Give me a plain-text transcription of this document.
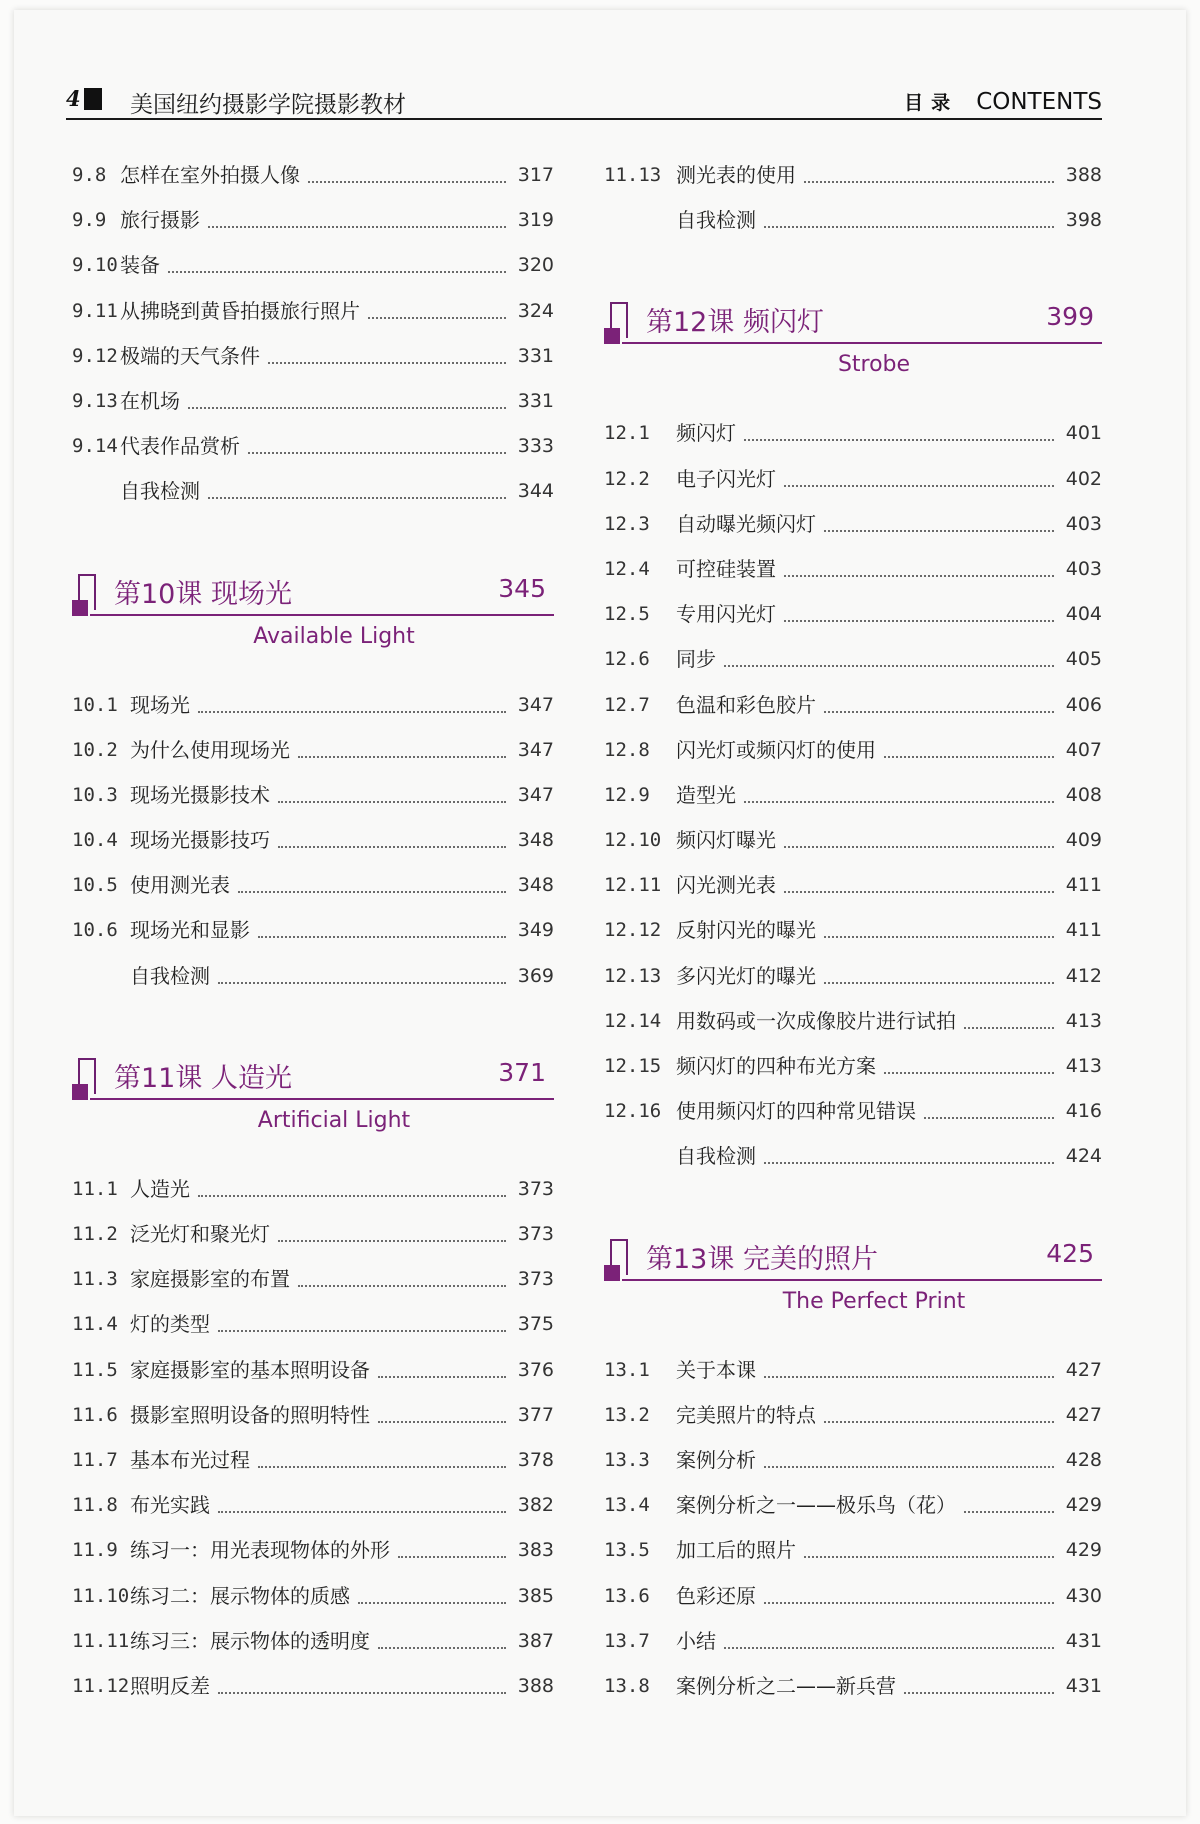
4 美国纽约摄影学院摄影教材	目录 CONTENTS
9.8 怎样在室外拍摄人像	317
9.9 旅行摄影	319
9.10 装备	320
9.11 从拂晓到黄昏拍摄旅行照片	324
9.12 极端的天气条件	331
9.13 在机场	331
9.14 代表作品赏析	333
自我检测	344
第10课 现场光	345
Available Light
10.1 现场光	347
10.2 为什么使用现场光	347
10.3 现场光摄影技术	347
10.4 现场光摄影技巧	348
10.5 使用测光表	348
10.6 现场光和显影	349
自我检测	369
第11课 人造光	371
Artificial Light
11.1 人造光	373
11.2 泛光灯和聚光灯	373
11.3 家庭摄影室的布置	373
11.4 灯的类型	375
11.5 家庭摄影室的基本照明设备	376
11.6 摄影室照明设备的照明特性	377
11.7 基本布光过程	378
11.8 布光实践	382
11.9 练习一：用光表现物体的外形	383
11.10 练习二：展示物体的质感	385
11.11 练习三：展示物体的透明度	387
11.12 照明反差	388
11.13 测光表的使用	388
自我检测	398
第12课 频闪灯	399
Strobe
12.1	频闪灯	401
12.2	电子闪光灯	402
12.3	自动曝光频闪灯	403
12.4	可控硅装置	403
12.5	专用闪光灯	404
12.6	同步	405
12.7	色温和彩色胶片	406
12.8	闪光灯或频闪灯的使用	407
12.9	造型光	408
12.10 频闪灯曝光	409
12.11 闪光测光表	411
12.12 反射闪光的曝光	411
12.13 多闪光灯的曝光	412
12.14 用数码或一次成像胶片进行试拍	413
12.15 频闪灯的四种布光方案	413
12.16 使用频闪灯的四种常见错误	416
自我检测	424
第13课 完美的照片	425
The Perfect Print
13.1	关于本课	427
13.2	完美照片的特点	427
13.3	案例分析	428
13.4	案例分析之一——极乐鸟（花）	429
13.5	加工后的照片	429
13.6	色彩还原	430
13.7	小结	431
13.8	案例分析之二——新兵营	431
